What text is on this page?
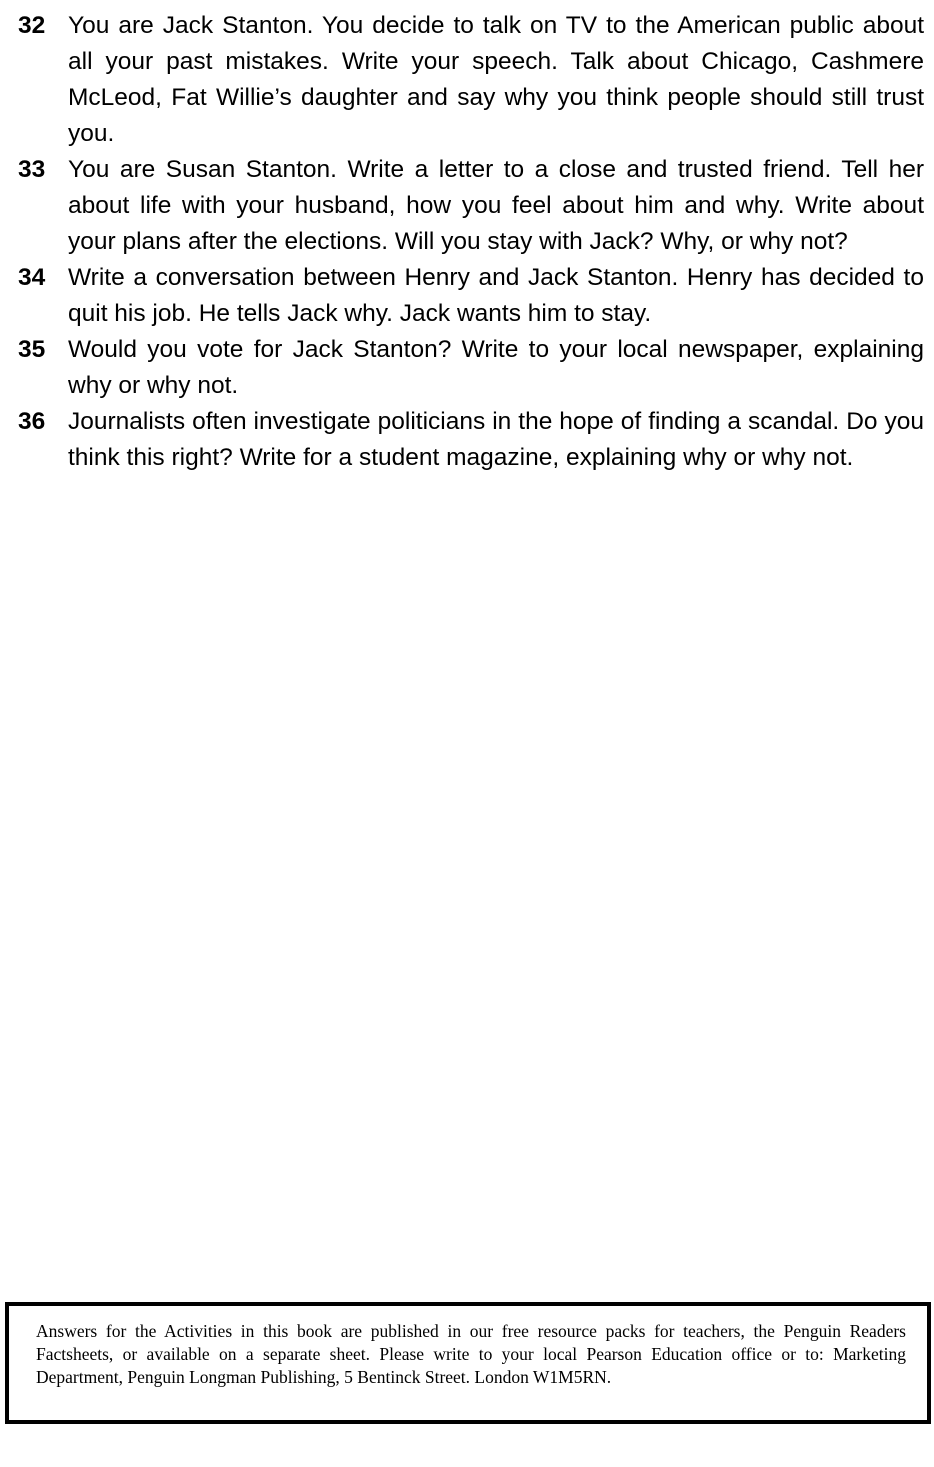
32 You are Jack Stanton. You decide to talk on TV to the American public about all your past mistakes. Write your speech. Talk about Chicago, Cashmere McLeod, Fat Willie’s daughter and say why you think people should still trust you.
33 You are Susan Stanton. Write a letter to a close and trusted friend. Tell her about life with your husband, how you feel about him and why. Write about your plans after the elections. Will you stay with Jack? Why, or why not?
34 Write a conversation between Henry and Jack Stanton. Henry has decided to quit his job. He tells Jack why. Jack wants him to stay.
35 Would you vote for Jack Stanton? Write to your local newspaper, explaining why or why not.
36 Journalists often investigate politicians in the hope of finding a scandal. Do you think this right? Write for a student magazine, explaining why or why not.

Answers for the Activities in this book are published in our free resource packs for teachers, the Penguin Readers Factsheets, or available on a separate sheet. Please write to your local Pearson Education office or to: Marketing Department, Penguin Longman Publishing, 5 Bentinck Street. London W1M5RN.
